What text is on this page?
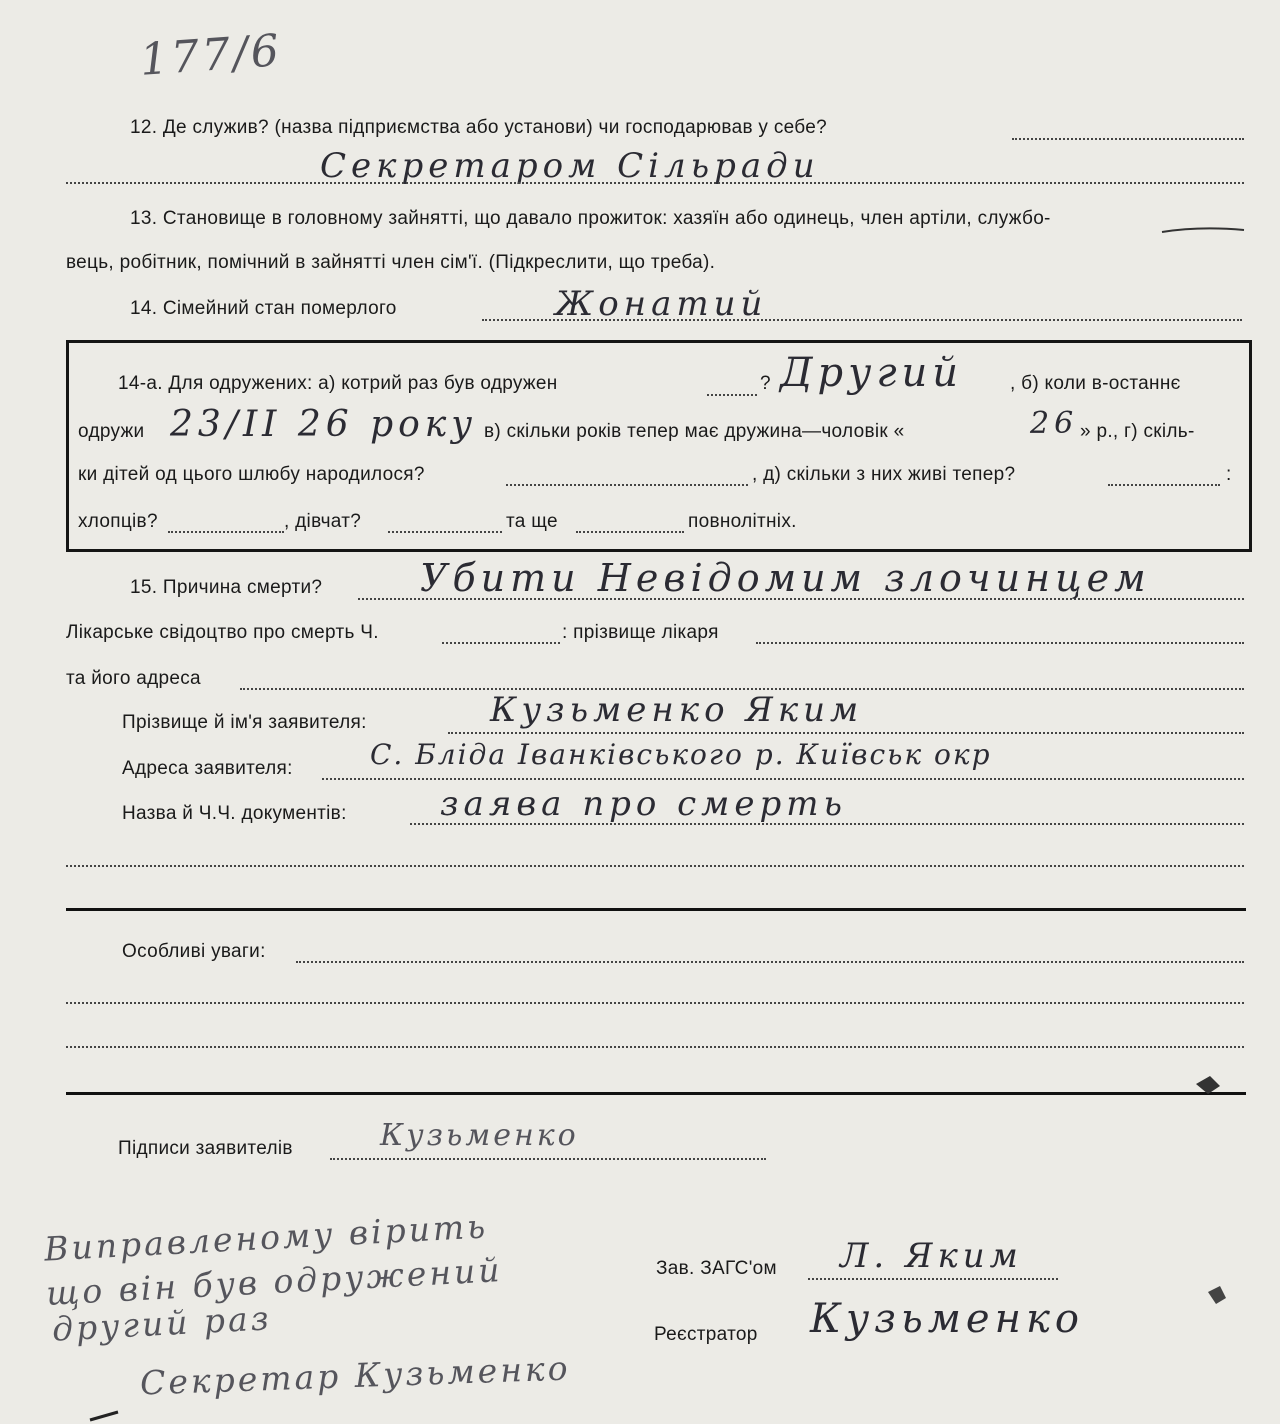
177/6
12. Де служив? (назва підприємства або установи) чи господарював у себе?
Секретаром Сільради
13. Становище в головному зайнятті, що давало прожиток: хазяїн або одинець, член артіли, службо-
вець, робітник, помічний в зайнятті член сім'ї. (Підкреслити, що треба).
14. Сімейний стан померлого	Жонатий
14-а. Для одружених: а) котрий раз був одружен	? Другий , б) коли в-останнє
одружи 23/ІІ 26 року в) скільки років тепер має дружина—чоловік «	26 » р., г) скіль-
ки дітей од цього шлюбу народилося?	, д) скільки з них живі тепер?	:
хлопців?	, дівчат?	та ще	повнолітніх.
15. Причина смерти?	Убити Невідомим злочинцем
Лікарське свідоцтво про смерть Ч.	: прізвище лікаря
та його адреса
Прізвище й ім'я заявителя:	Кузьменко Яким
Адреса заявителя:	С. Бліда Іванківського р. Київськ окр
Назва й Ч.Ч. документів:	заява про смерть
Особливі уваги:
Підписи заявителів	Кузьменко
Виправленому вірить
що він був одружений
другий раз
Секретар Кузьменко
Зав. ЗАГС'ом Л. Яким
Реєстратор Кузьменко
